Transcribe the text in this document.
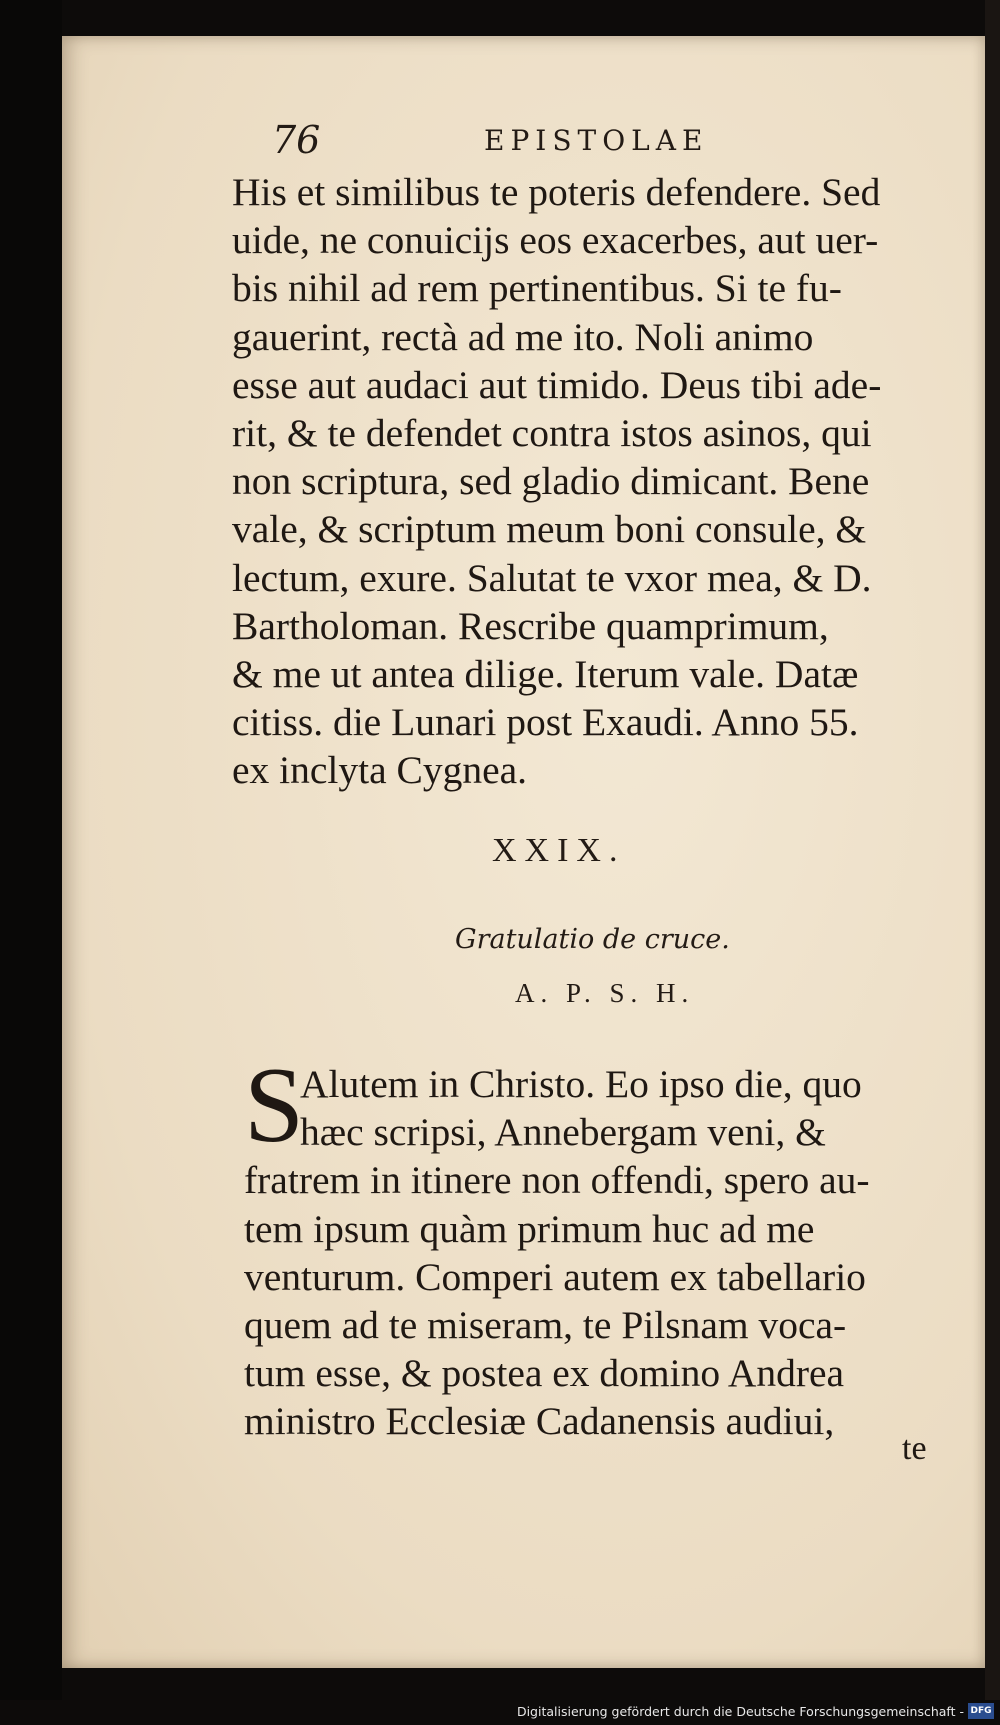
76	EPISTOLAE
His et similibus te poteris defendere. Sed
uide, ne conuicijs eos exacerbes, aut uer-
bis nihil ad rem pertinentibus. Si te fu-
gauerint, rectà ad me ito. Noli animo
esse aut audaci aut timido. Deus tibi ade-
rit, & te defendet contra istos asinos, qui
non scriptura, sed gladio dimicant. Bene
vale, & scriptum meum boni consule, &
lectum, exure. Salutat te vxor mea, & D.
Bartholoman. Rescribe quamprimum,
& me ut antea dilige. Iterum vale. Datæ
citiss. die Lunari post Exaudi. Anno 55.
ex inclyta Cygnea.
XXIX.
Gratulatio de cruce.
A. P. S. H.
S
Alutem in Christo. Eo ipso die, quo
hæc scripsi, Annebergam veni, &
fratrem in itinere non offendi, spero au-
tem ipsum quàm primum huc ad me
venturum. Comperi autem ex tabellario
quem ad te miseram, te Pilsnam voca-
tum esse, & postea ex domino Andrea
ministro Ecclesiæ Cadanensis audiui,
te
Digitalisierung gefördert durch die Deutsche Forschungsgemeinschaft - DFG
